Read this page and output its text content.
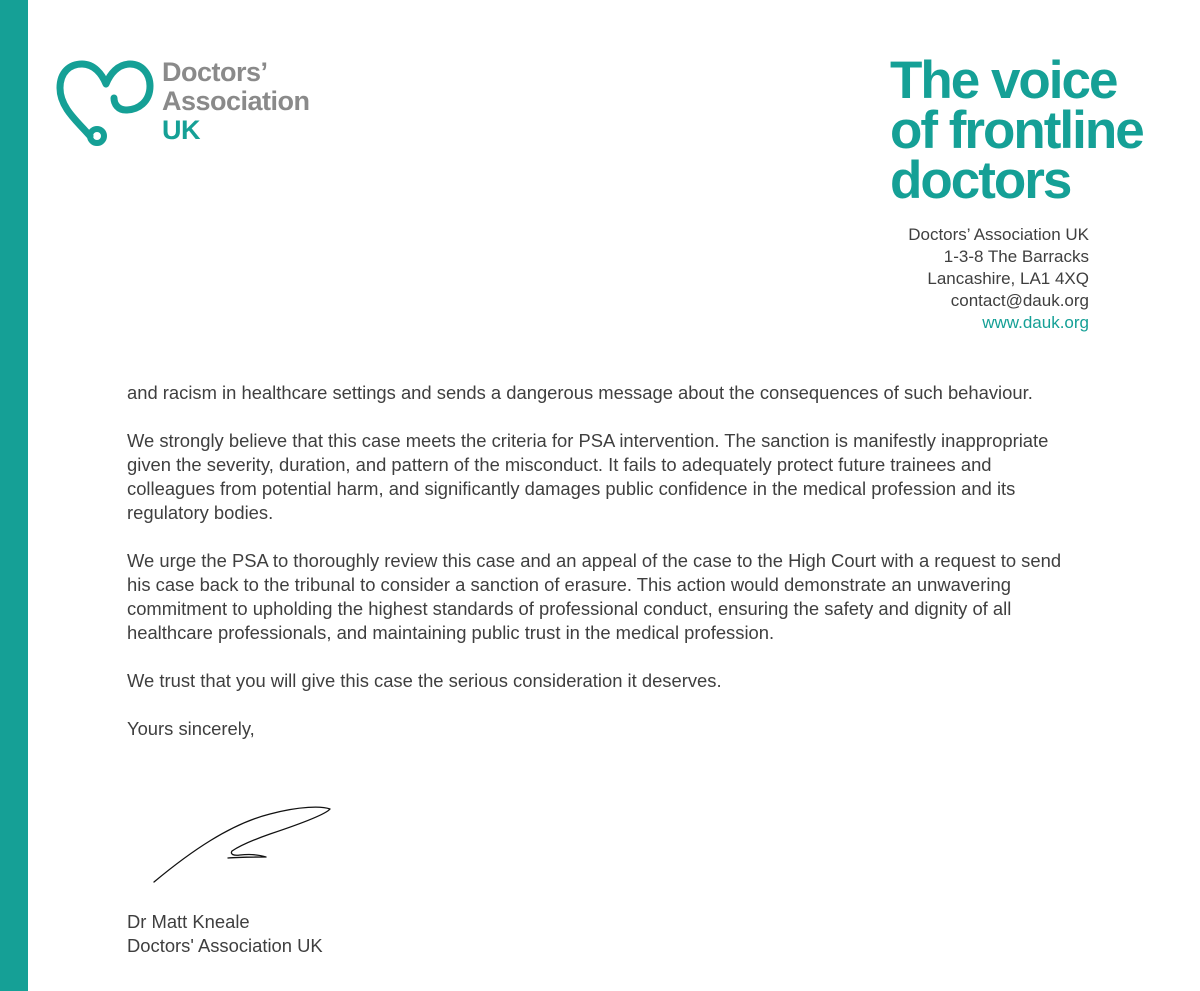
Doctors’
Association
UK
The voice
of frontline
doctors
Doctors’ Association UK
1-3-8 The Barracks
Lancashire, LA1 4XQ
contact@dauk.org
www.dauk.org

and racism in healthcare settings and sends a dangerous message about the consequences of such behaviour.

We strongly believe that this case meets the criteria for PSA intervention. The sanction is manifestly inappropriate given the severity, duration, and pattern of the misconduct. It fails to adequately protect future trainees and colleagues from potential harm, and significantly damages public confidence in the medical profession and its regulatory bodies.

We urge the PSA to thoroughly review this case and an appeal of the case to the High Court with a request to send his case back to the tribunal to consider a sanction of erasure. This action would demonstrate an unwavering commitment to upholding the highest standards of professional conduct, ensuring the safety and dignity of all healthcare professionals, and maintaining public trust in the medical profession.

We trust that you will give this case the serious consideration it deserves.

Yours sincerely,

Dr Matt Kneale
Doctors' Association UK
